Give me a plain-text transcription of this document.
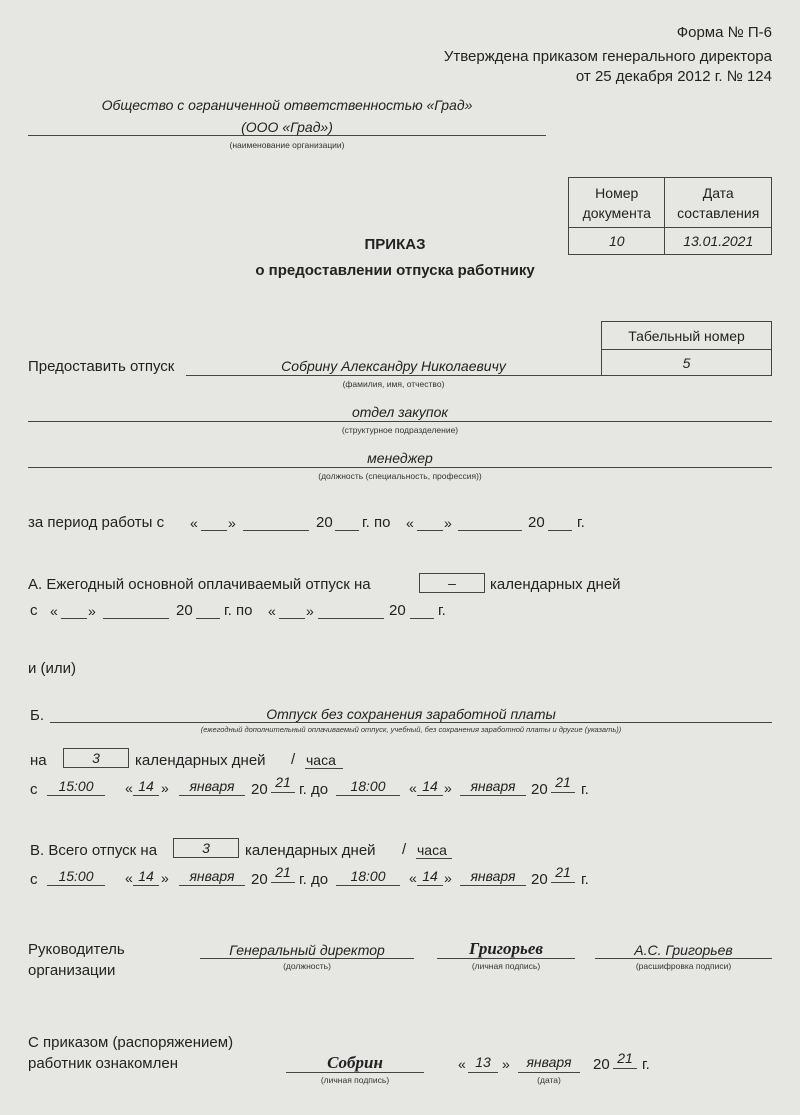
Форма № П-6
Утверждена приказом генерального директора
от 25 декабря 2012 г. № 124
Общество с ограниченной ответственностью «Град»
(ООО «Град»)
(наименование организации)
Номер документа	Дата составления
10	13.01.2021
ПРИКАЗ
о предоставлении отпуска работнику
Табельный номер
5
Предоставить отпуск	Собрину Александру Николаевичу
(фамилия, имя, отчество)
отдел закупок
(структурное подразделение)
менеджер
(должность (специальность, профессия))
за период работы с « »	20 г. по « »	20 г.
А. Ежегодный основной оплачиваемый отпуск на	–	календарных дней
с « »	20 г. по « »	20 г.
и (или)
Б.	Отпуск без сохранения заработной платы
(ежегодный дополнительный оплачиваемый отпуск, учебный, без сохранения заработной платы и другие (указать))
на	3	календарных дней / часа
с	15:00	« 14 »	января	20 21 г. до	18:00	« 14 »	января	20 21 г.
В. Всего отпуск на	3	календарных дней / часа
с	15:00	« 14 »	января	20 21 г. до	18:00	« 14 »	января	20 21 г.
Руководитель
организации
Генеральный директор
(должность)
Григорьев
(личная подпись)
А.С. Григорьев
(расшифровка подписи)
С приказом (распоряжением)
работник ознакомлен	Собрин
(личная подпись)
« 13 »	января
(дата)
20 21 г.
